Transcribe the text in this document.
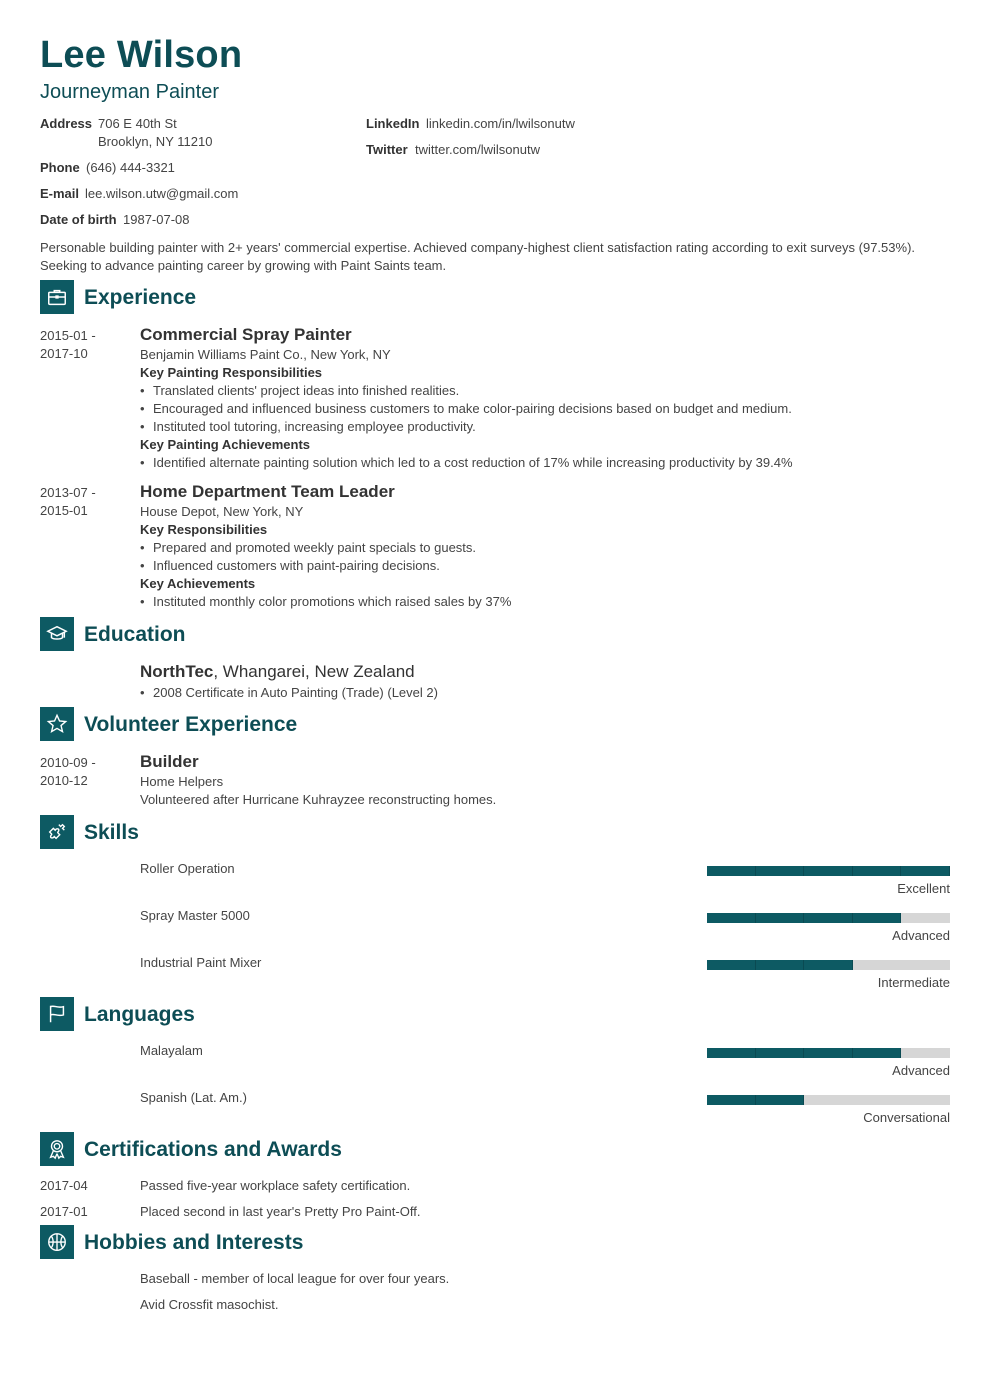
Lee Wilson
Journeyman Painter
Address 706 E 40th St
Brooklyn, NY 11210
Phone (646) 444-3321
E-mail lee.wilson.utw@gmail.com
Date of birth 1987-07-08
LinkedIn linkedin.com/in/lwilsonutw
Twitter twitter.com/lwilsonutw
Personable building painter with 2+ years' commercial expertise. Achieved company-highest client satisfaction rating according to exit surveys (97.53%). Seeking to advance painting career by growing with Paint Saints team.
Experience
2015-01 -
2017-10
Commercial Spray Painter
Benjamin Williams Paint Co., New York, NY
Key Painting Responsibilities
• Translated clients' project ideas into finished realities.
• Encouraged and influenced business customers to make color-pairing decisions based on budget and medium.
• Instituted tool tutoring, increasing employee productivity.
Key Painting Achievements
• Identified alternate painting solution which led to a cost reduction of 17% while increasing productivity by 39.4%
2013-07 -
2015-01
Home Department Team Leader
House Depot, New York, NY
Key Responsibilities
• Prepared and promoted weekly paint specials to guests.
• Influenced customers with paint-pairing decisions.
Key Achievements
• Instituted monthly color promotions which raised sales by 37%
Education
NorthTec, Whangarei, New Zealand
• 2008 Certificate in Auto Painting (Trade) (Level 2)
Volunteer Experience
2010-09 -
2010-12
Builder
Home Helpers
Volunteered after Hurricane Kuhrayzee reconstructing homes.
Skills
Roller Operation
Excellent
Spray Master 5000
Advanced
Industrial Paint Mixer
Intermediate
Languages
Malayalam
Advanced
Spanish (Lat. Am.)
Conversational
Certifications and Awards
2017-04	Passed five-year workplace safety certification.
2017-01	Placed second in last year's Pretty Pro Paint-Off.
Hobbies and Interests
Baseball - member of local league for over four years.
Avid Crossfit masochist.
